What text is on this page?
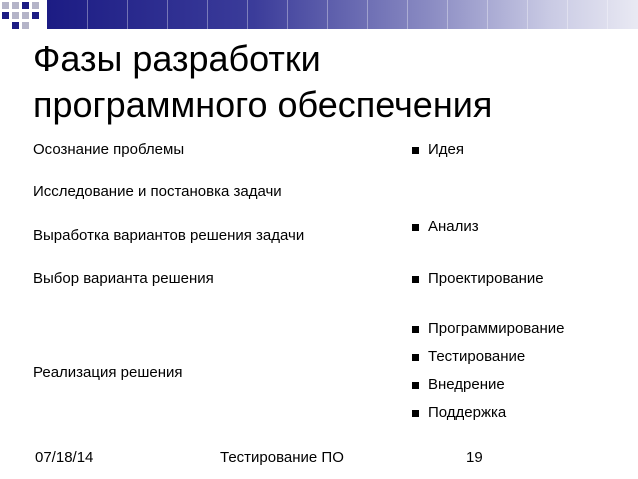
Фазы разработки
программного обеспечения
Осознание проблемы
Исследование и постановка задачи
Выработка вариантов решения задачи
Выбор варианта решения
Реализация решения
Идея
Анализ
Проектирование
Программирование
Тестирование
Внедрение
Поддержка
07/18/14	Тестирование ПО	19
